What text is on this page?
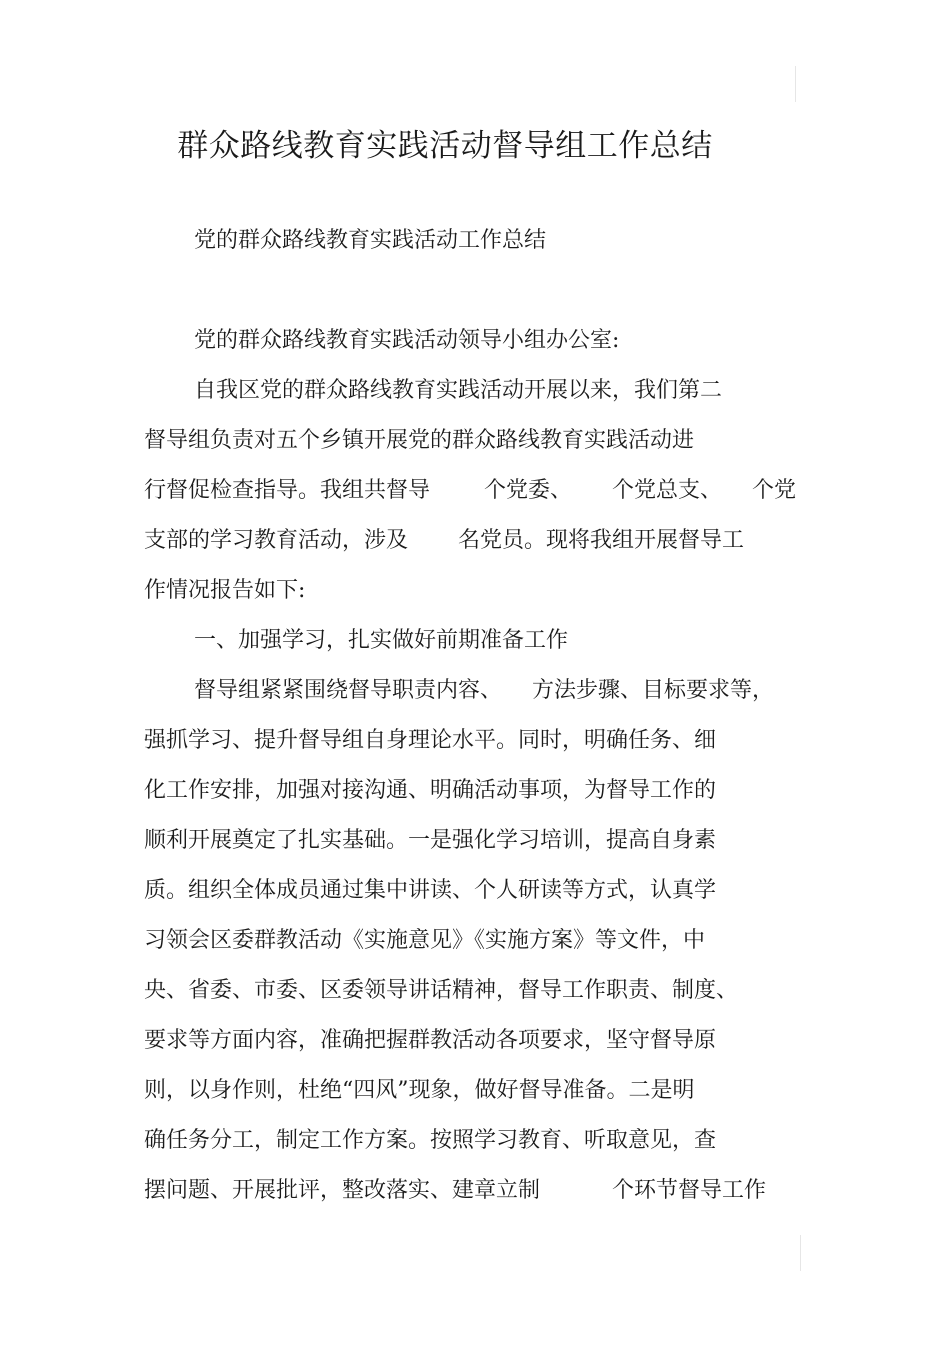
群众路线教育实践活动督导组工作总结

党的群众路线教育实践活动工作总结

党的群众路线教育实践活动领导小组办公室:

自我区党的群众路线教育实践活动开展以来，我们第二

督导组负责对五个乡镇开展党的群众路线教育实践活动进

行督促检查指导。我组共督导 个党委、 个党总支、 个党

支部的学习教育活动，涉及 名党员。现将我组开展督导工

作情况报告如下:

一、加强学习，扎实做好前期准备工作

督导组紧紧围绕督导职责内容、 方法步骤、目标要求等，

强抓学习、提升督导组自身理论水平。同时，明确任务、细

化工作安排，加强对接沟通、明确活动事项，为督导工作的

顺利开展奠定了扎实基础。一是强化学习培训，提高自身素

质。组织全体成员通过集中讲读、个人研读等方式，认真学

习领会区委群教活动《实施意见》《实施方案》等文件，中

央、省委、市委、区委领导讲话精神，督导工作职责、制度、

要求等方面内容，准确把握群教活动各项要求，坚守督导原

则，以身作则，杜绝“四风”现象，做好督导准备。二是明

确任务分工，制定工作方案。按照学习教育、听取意见，查

摆问题、开展批评，整改落实、建章立制	个环节督导工作
